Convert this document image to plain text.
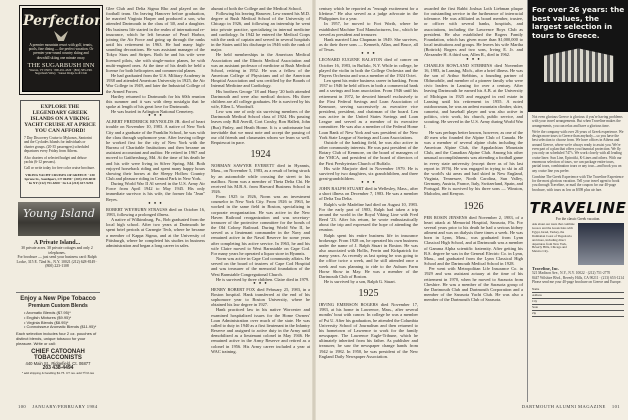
Perfection.
A premier mountain resort with golf, tennis, pools, fine dining — the perfect vacation. Or premier year-round country skiing and downhill skiing one minute away.
THE SUGARBUSH INN
Warren, VT 05674 · 800-451-4320 · (802) 583-2301
Sugarbush Valley · Sunset Ridge Golf Club
EXPLORE THE LEGENDARY GREEK ISLANDS ON A VIKING YACHT CRUISE AT A PRICE YOU CAN AFFORD!
7 Day Discovery Cruise to Mykonos, Santorini and the Cyclades Islands for individuals or charter groups. (20-35 passengers) scheduled departures every Friday from Athens.
Also charters of selected budget and deluxe yachts (6-12 persons).
Call or write today for free color cruise brochure.
VIKING YACHT CRUISES OF GREECE · 230 Spruce St., Southport, CT 06490 · (203) 259-6030 · In NY (212) 751-6300 · In LA (213) 617-9292
Young Island
A Private Island...
30 private acres. 30 private cottages and only 2 telephones.
For brochure — just send your business card: Ralph Locke, 315 E. 72nd St., N.Y. 10021 (212) 628-8149 · (800) 223-1108
Enjoy a New Pipe Tobacco
Premium Custom Blends
• Aromatic Blends ($7.95)*
• English Mixtures ($9.95)*
• Virginia Blends ($8.95)*
• Connoisseur Aromatic Blends ($11.95)*
Each selection includes four 2 oz. pouches of distinct blends, unique tobacco for your pleasure. Write or call:
CHIEF CATOONAH TOBACCONISTS
440 Main St., Ridgefield, Ct. 06877
203 438-4494
* add shipping & handling $1.75. CT res. add 7½% tax

Glee Club and Delta Sigma Rho and played on the football team. On leaving Hanover before graduation, he married Virginia Harper and produced a son, who attended Dartmouth in the class of '40, and a daughter. His business life started in the realm of international re-insurance, which he left because of Pearl Harbor, joining the Air Force and going up through the ranks until his retirement in 1963. He had many high-sounding decorations. He was assistant manager of the Tokyo Stars and Stripes. Both he and his wife were licensed pilots, she with single-motor planes, he with multi-engined ones. At the time of his death he held a license for both helicopters and commercial planes.

He had graduated from the U.S. Military Academy in 1938 and attended American University in 1925, the Air War College in 1949, and later the Industrial College of the Armed Forces.

Hartley returned to Dartmouth for his 60th reunion this summer and it was with deep nostalgia that he spoke at length of his great love for Dartmouth.

He was buried in Arlington National Cemetery.

• • •

ALBERT FREDERICK REYNOLDS JR. died of heart trouble on November 10, 1983. A native of New York City and a graduate of the Franklin School, he was with the class through sophomore year. After leaving college he worked first for the city of New York with the Bureau of Charitable Institutions and then became an assistant accountant and auditor. He retired in 1967 and moved to Gaithersburg, Md. At the time of his death he and his wife were living in Silver Spring, Md. Both enjoyed horseback riding and spent many happy hours showing their horses at the Sleepy Hollow Country Club and pleasure riding in Central Park in New York.

During World War II Al served in the U.S. Army Air Force from April 1942 to May 1945. His only immediate survivor is his wife, the former Ida "Jean" Reyes.

• • •

ROBERT WEYBURN STRAUSS died on October 16, 1983, following a prolonged illness.

A native of Wilkinsburg, Pa., Bob graduated from the local high school. After two years at Dartmouth he spent brief periods at Carnegie Tech, where he became a member of Kappa Sigma, and at the University of Pittsburgh, where he completed his studies in business administration and began a long career in sales.

alumni of both the College and the Medical School.

Following his leaving Hanover, Lew earned his M.D. degree at Rush Medical School of the University of Chicago in 1926, and following an internship he went into private practice, specializing in internal medicine and cardiology. In 1942 he entered the Medical Corps with the rank of captain and served in several hospitals in the States until his discharge in 1946 with the rank of major.

He held memberships in the American Medical Association and the Illinois Medical Association and was an assistant professor of medicine at Rush Medical School, retiring in 1952. He was a fellow of the American College of Physicians and of the American Hospital Association and was certified by the Boards of Internal Medicine and Cardiology.

His brothers George '18 and Harry '20 both attended Dartmouth and were also medical doctors. His three children are all college graduates. He is survived by his wife, Ellen L. Woodruff.

Lew was one of only six surviving members of the Dartmouth Medical School class of 1924. His passing leaves only Bill Averill, Cort Crosby, Ron Hallett, John (Bus) Finley, and Heath Horne. It is a unfortunate but inevitable that we must note and accept the passing of our old friends and classmates whom we learn so well. Requiescat in pace.

1924

NORMAN SAWYER EVERETT died in Hyannis, Mass., on November 5, 1983, as a result of being struck by an automobile while crossing the street to his mailbox. Norm was a member of Theta Delta Chi. He received his M.B.A. from Harvard Business School in 1926.

From 1925 to 1926, Norm was an investment counselor in New York City. From 1926 to 1963, he worked in the same field in Boston, specializing in corporate reorganization. He was active in the New Haven Railroad reorganization and was secretary-treasurer of the protective committee for the bonds of the Old Colony Railroad. During World War II, he served as a lieutenant commander in the Navy and remained active in the Naval Reserve for some years after completing his active service. In 1963, he and his wife Claire moved to West Barnstable on Cape Cod. For many years he operated a liquor store in Hyannis.

Norm was active in Cape Cod community affairs. He served on the board of trustees of Cape Cod Hospital and was treasurer of the memorial foundation of the West Barnstable Congregational Church.

He is survived by three children. Claire died in 1979.

• • •

HENRY ROBERT FOX died February 25, 1983, in a Boston hospital. Hank transferred at the end of his sophomore year to Boston University, where he obtained his law degree in 1927.

Hank practiced law in his native Worcester and examined hospitalized issues for the Home Owners' Loan Administration over much of the state. He was called to duty in 1940 as a first lieutenant in the Infantry Reserve and assigned to active duty in the Army until demobilized as a lieutenant colonel in May 1946. He remained active in the Army Reserve and retired as a colonel in 1956. His Army career included a year at WAC training.

century which he reported as "enough excitement for a lifetime." He also served as a judge advocate in the Philippines for a year.

In 1957, he moved to Fort Worth, where he established Machine Tool Manufacturers, Inc., which he served as president and treasurer.

Hank married Lina Chapman in 1949. She survives, as do their three sons — Kenneth, Allan, and Bruce, all of Texas.

• • •

LEONARD EUGENE RALSTON died of cancer on October 16, 1983, in Buffalo, N.Y. While in college, he played the violin in both the College Orchestra and the Players Orchestra and was a member of the 1924 Octet.

Len spent his entire business career in banking. From 1937 to 1946 he held offices in both a commercial bank and a savings and loan association. From 1946 until his retirement in 1972, he devoted himself exclusively to the First Federal Savings and Loan Association of Kenmore, serving successively as executive vice president, president, and chairman of the board. Len was active in the United States Savings and Loan League and served as a member of its executive committee. He was also a member of the Federal Home Loan Bank of New York and was president of the New York State League of Savings and Loan Associations.

Outside of the banking field, he was also active in other community interests. He was past president of the Rotary Club of Kenmore, on the board of managers of the YMCA, and president of the board of directors of the First Presbyterian Church of Buffalo.

His wife Marjorie died in November 1979. He is survived by two daughters, six grandchildren, and three great-grandchildren.

• • •

JOHN RALPH STUART died in Wellesley, Mass., after a short illness on December 7, 1983. He was a member of Delta Tau Delta.

Ralph's wife Madeline had died on August 10, 1983. For the early part of 1983, Ralph had taken a trip around the world in the Royal Viking Line with Fred Reed '23. After his return, he wrote enthusiastically about the trip and expressed the hope of attending the reunion.

Ralph spent his entire business life in insurance brokerage. From 1928 on, he operated his own business under the name of J. Ralph Stuart in Boston. He was also associated with Hollis, Ferrin and Kirkpatrick for many years. As recently as last spring he was going to the office twice a week, and he still attended once a week and was planning to ride to the Auburn Farm Horse Show in May. He was a member of the Dartmouth Club of Boston.

He is survived by a son, Ralph G. Stuart.

1925

IRVING EMERSON ROGERS died November 17, 1983, at his home in Lawrence, Mass., after several months' bout with cancer. In college he was a member of Psi U. After his graduation, he attended the Columbia University School of Journalism and then returned to his hometown of Lawrence to work for the family newspaper. The Lawrence Eagle-Tribune, which he ultimately inherited from his father. As publisher and treasurer, he saw the newspaper change hands from 1942 to 1982. In 1950, he was president of the New England Daily Newspaper Association.

awarded the first Rabbi Joshua Loth Liebman plaque for outstanding service in the furtherance of interracial tolerance. He was affiliated as board member, trustee, or officer with several banks, hospitals, and associations, including the Lawrence Boys Club as president. He also established the Rogers Family Foundation, which has given more than $1,000,000 to local institutions and groups. He leaves his wife Martha (Bottrick) Rogers and two sons, Irving E. Jr. and Alexander H. A third son, Allen R., died in 1962.

• • •

CHARLES ROWLAND STEBBINS died November 16, 1983, in Lansing, Mich., after a brief illness. He was the son of Arthur Stebbins, a founding partner of Oldsmobile, and member of a pioneer family who were civic leaders in Lansing for over a century. After leaving Dartmouth he earned his A.B. at the University of Michigan in 1925 and engaged in real estate in Lansing until his retirement in 1955. A noted outdoorsman, he was an ardent mountain climber, skier, canoeist, and baseball player and was also active in politics, civic work, his church, public service, and scouting. He served in the U.S. Army during World War I.

He was perhaps better known, however, as one of the 40 men who founded the Alpine Club of Canada. He was a member of several alpine clubs including the American Alpine Club, the Appalachian Mountain Club, and the Canadian Alpine Club. Among his other unusual accomplishments was attending a football game in every state university (except three as of his last report in 1976). He was engaged in trying to ski in all the world's ski areas and had skied in New England, Virginia, Tennessee, North Carolina, Sun Valley, Germany, Austria, France, Italy, Switzerland, Spain, and Portugal. He is survived by his three sons — Winston, Malcolm, and Kenyon.

1926

PER ROSIN JENSENS died November 2, 1983, of a heart attack at Memorial Hospital, Sarasota, Fla. For several years prior to his death he had a serious kidney ailment and was on dialysis three times a week. He was born in Lynn, Mass., was graduated from Lynn Classical High School, and at Dartmouth was a member of Gamma Alpha scientific fraternity. After getting his B.S. degree he was in the General Electric Co. in Lynn, Mass., and graduated from the Lynn Classical High School and the Dartmouth Medical School in 1928.

Per went with Metropolitan Life Insurance Co. in 1929 and was assistant actuary at the time of his retirement in 1970, when he moved to Sarasota from Cheshire. He was a member of the Sarasota group of the Dartmouth Club and Dartmouth Corporation and a member of the Sarasota Yacht Club. He was also a member of the Dartmouth Club of Sarasota.

For over 26 years: the best values, the largest selection in tours to Greece.

Not even glorious Greece is glorious if you're having problems with your travel arrangements. But when Traveline makes the arrangements, you can relax and have a glorious time.

We're the company with over 26 years of Greek experience. We design more tours to Greece than anybody—so you have the best selection to choose from. We have offices in Athens and around Greece, where we're always ready to assist you. We're even part of a plan that offers you financial protection. We fly you only on scheduled 747's. We work closely with all leading cruise lines: Sun Line, Epirotiki, K-Lines and others. With our enormous selection of tours, we can package entire tours, partial tours, combination tours or any tour—and book you on any cruise line you prefer.

Combine The Greek Experience with The Traveline Experience for the most glorious vacation. Tell your travel agent to book you through Traveline, or mail the coupon for our 40-page brochure, with tours as low as $398 plus air fare.

TRAVELINE
For the classic Greek vacation.
Ask about our tours that combine Greece and the Greek Isles with Egypt, Israel, Turkey, the Dalmatian Coast of Yugoslavia and more, including direct departures from New York, Beverly Hills, Chicago and Mexico City.
Traveline, Inc.
521 Madison Ave., N.Y., N.Y. 10022 · (212) 751-2770
8447 Wilshire Blvd., Beverly Hills, CA 90211 · (213) 653-1214
Please send me your 40-page brochure on Greece and Europe.
Name
Address
City
State
Zip
100 JANUARY/FEBRUARY 1984	DARTMOUTH ALUMNI MAGAZINE 101
